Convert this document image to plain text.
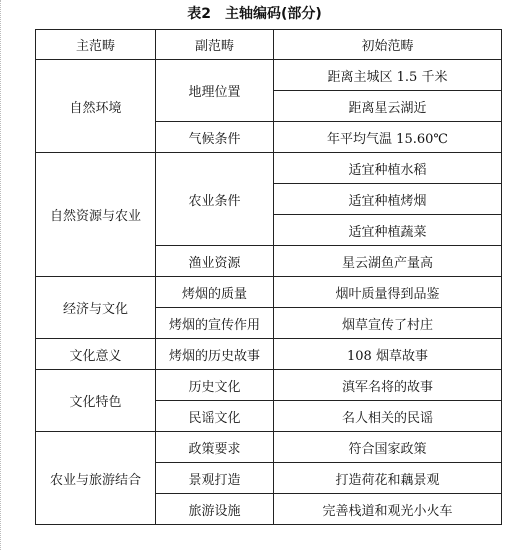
表2　主轴编码(部分)
主范畴	副范畴	初始范畴
自然环境	地理位置	距离主城区 1.5 千米
		距离星云湖近
	气候条件	年平均气温 15.60℃
自然资源与农业	农业条件	适宜种植水稻
		适宜种植烤烟
		适宜种植蔬菜
	渔业资源	星云湖鱼产量高
经济与文化	烤烟的质量	烟叶质量得到品鉴
	烤烟的宣传作用	烟草宣传了村庄
文化意义	烤烟的历史故事	108 烟草故事
文化特色	历史文化	滇军名将的故事
	民谣文化	名人相关的民谣
农业与旅游结合	政策要求	符合国家政策
	景观打造	打造荷花和藕景观
	旅游设施	完善栈道和观光小火车
